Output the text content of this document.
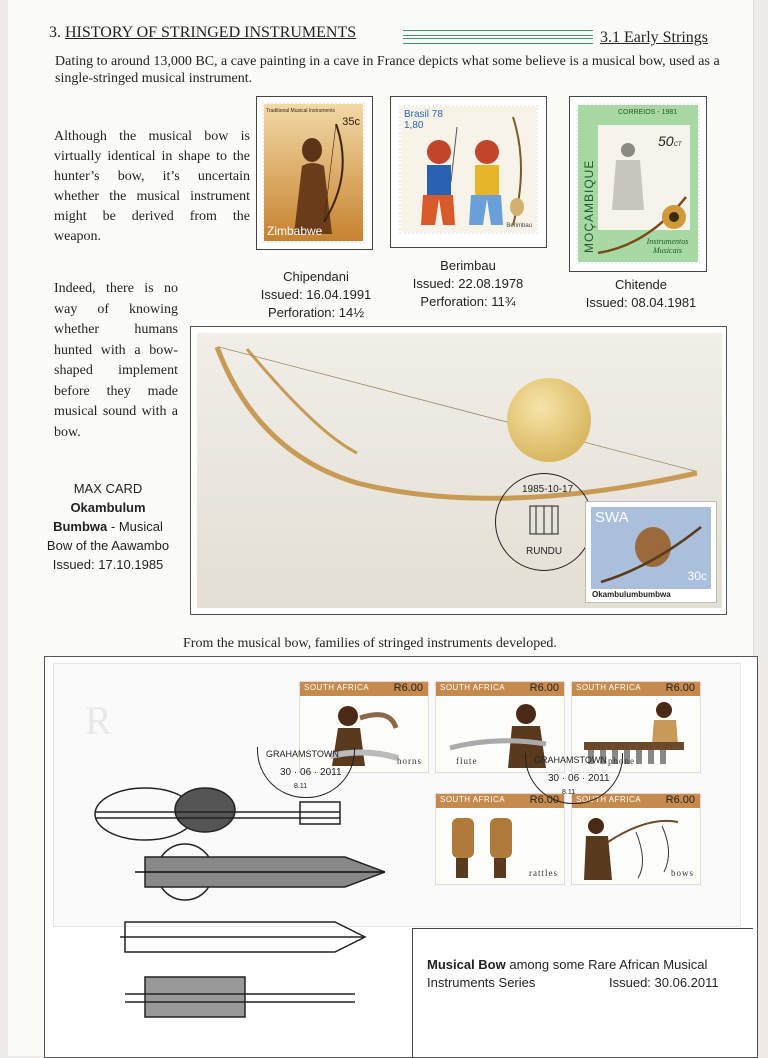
3. HISTORY OF STRINGED INSTRUMENTS	3.1 Early Strings
Dating to around 13,000 BC, a cave painting in a cave in France depicts what some believe is a musical bow, used as a single-stringed musical instrument.
Although the musical bow is virtually identical in shape to the hunter’s bow, it’s uncertain whether the musical instrument might be derived from the weapon.
Indeed, there is no way of knowing whether humans hunted with a bow-shaped implement before they made musical sound with a bow.
Traditional Musical Instruments
35c
Zimbabwe
Chipendani
Issued: 16.04.1991
Perforation: 14½
Brasil 78
1,80
Berimbau
Berimbau
Issued: 22.08.1978
Perforation: 11¾
MOÇAMBIQUE
CORREIOS - 1981
50CT
Instrumentos Musicais
Chitende
Issued: 08.04.1981
1985-10-17
RUNDU
SWA
30c
Okambulumbumbwa
MAX CARD
Okambulum
Bumbwa - Musical
Bow of the Aawambo
Issued: 17.10.1985
From the musical bow, families of stringed instruments developed.
R
SOUTH AFRICA R6.00
horns
SOUTH AFRICA R6.00
flute
SOUTH AFRICA R6.00
phone
SOUTH AFRICA R6.00
rattles
SOUTH AFRICA R6.00
bows
GRAHAMSTOWN
30 · 06 · 2011
8.11
GRAHAMSTOWN
30 · 06 · 2011
8.11
Musical Bow among some Rare African Musical
Instruments Series	Issued: 30.06.2011
